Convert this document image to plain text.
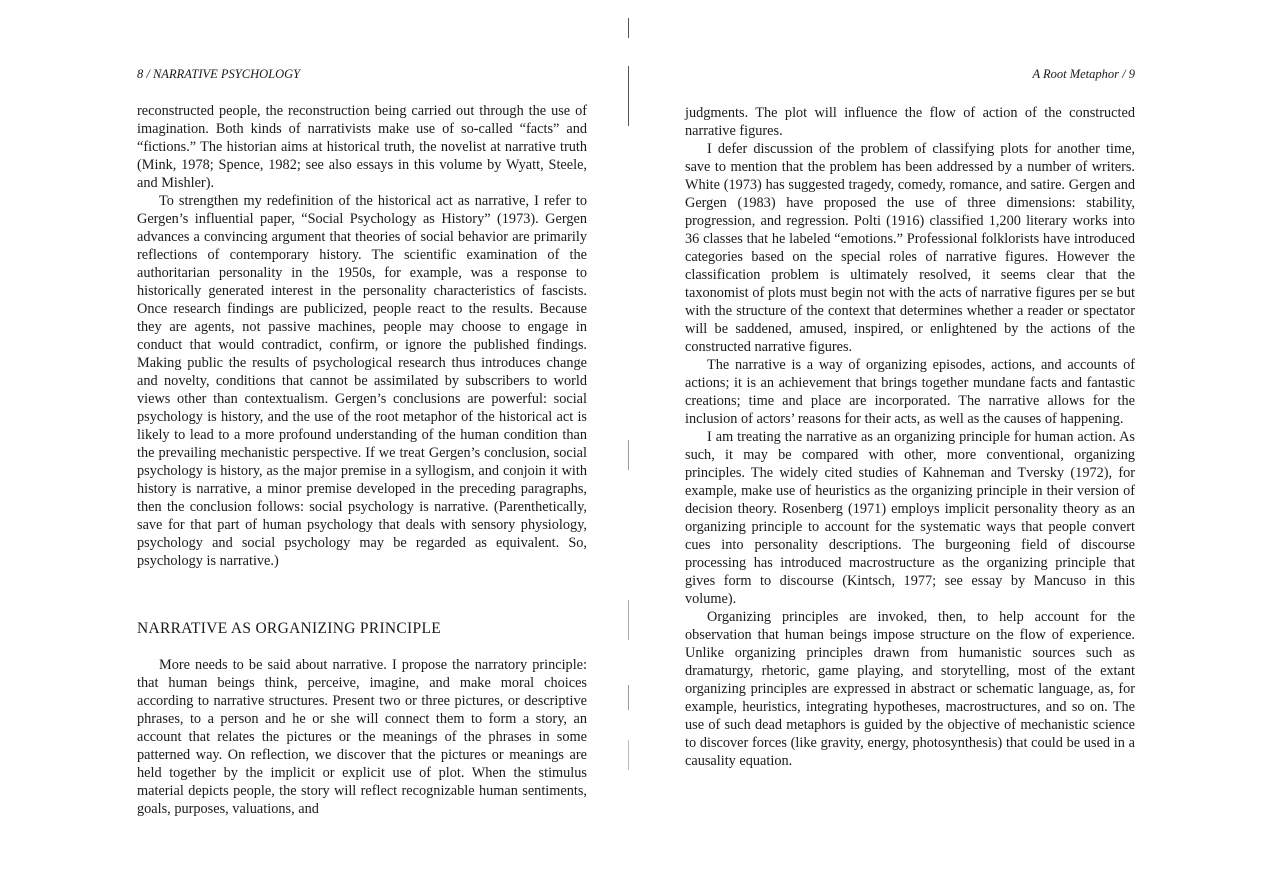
8 / NARRATIVE PSYCHOLOGY

reconstructed people, the reconstruction being carried out through the use of imagination. Both kinds of narrativists make use of so-called “facts” and “fictions.” The historian aims at historical truth, the novelist at narrative truth (Mink, 1978; Spence, 1982; see also essays in this volume by Wyatt, Steele, and Mishler).

To strengthen my redefinition of the historical act as narrative, I refer to Gergen’s influential paper, “Social Psychology as History” (1973). Gergen advances a convincing argument that theories of social behavior are primarily reflections of contemporary history. The scientific examination of the authoritarian personality in the 1950s, for example, was a response to historically generated interest in the personality characteristics of fascists. Once research findings are publicized, people react to the results. Because they are agents, not passive machines, people may choose to engage in conduct that would contradict, confirm, or ignore the published findings. Making public the results of psychological research thus introduces change and novelty, conditions that cannot be assimilated by subscribers to world views other than contextualism. Gergen’s conclusions are powerful: social psychology is history, and the use of the root metaphor of the historical act is likely to lead to a more profound understanding of the human condition than the prevailing mechanistic perspective. If we treat Gergen’s conclusion, social psychology is history, as the major premise in a syllogism, and conjoin it with history is narrative, a minor premise developed in the preceding paragraphs, then the conclusion follows: social psychology is narrative. (Parenthetically, save for that part of human psychology that deals with sensory physiology, psychology and social psychology may be regarded as equivalent. So, psychology is narrative.)

NARRATIVE AS ORGANIZING PRINCIPLE

More needs to be said about narrative. I propose the narratory principle: that human beings think, perceive, imagine, and make moral choices according to narrative structures. Present two or three pictures, or descriptive phrases, to a person and he or she will connect them to form a story, an account that relates the pictures or the meanings of the phrases in some patterned way. On reflection, we discover that the pictures or meanings are held together by the implicit or explicit use of plot. When the stimulus material depicts people, the story will reflect recognizable human sentiments, goals, purposes, valuations, and

A Root Metaphor / 9

judgments. The plot will influence the flow of action of the constructed narrative figures.

I defer discussion of the problem of classifying plots for another time, save to mention that the problem has been addressed by a number of writers. White (1973) has suggested tragedy, comedy, romance, and satire. Gergen and Gergen (1983) have proposed the use of three dimensions: stability, progression, and regression. Polti (1916) classified 1,200 literary works into 36 classes that he labeled “emotions.” Professional folklorists have introduced categories based on the special roles of narrative figures. However the classification problem is ultimately resolved, it seems clear that the taxonomist of plots must begin not with the acts of narrative figures per se but with the structure of the context that determines whether a reader or spectator will be saddened, amused, inspired, or enlightened by the actions of the constructed narrative figures.

The narrative is a way of organizing episodes, actions, and accounts of actions; it is an achievement that brings together mundane facts and fantastic creations; time and place are incorporated. The narrative allows for the inclusion of actors’ reasons for their acts, as well as the causes of happening.

I am treating the narrative as an organizing principle for human action. As such, it may be compared with other, more conventional, organizing principles. The widely cited studies of Kahneman and Tversky (1972), for example, make use of heuristics as the organizing principle in their version of decision theory. Rosenberg (1971) employs implicit personality theory as an organizing principle to account for the systematic ways that people convert cues into personality descriptions. The burgeoning field of discourse processing has introduced macrostructure as the organizing principle that gives form to discourse (Kintsch, 1977; see essay by Mancuso in this volume).

Organizing principles are invoked, then, to help account for the observation that human beings impose structure on the flow of experience. Unlike organizing principles drawn from humanistic sources such as dramaturgy, rhetoric, game playing, and storytelling, most of the extant organizing principles are expressed in abstract or schematic language, as, for example, heuristics, integrating hypotheses, macrostructures, and so on. The use of such dead metaphors is guided by the objective of mechanistic science to discover forces (like gravity, energy, photosynthesis) that could be used in a causality equation.
